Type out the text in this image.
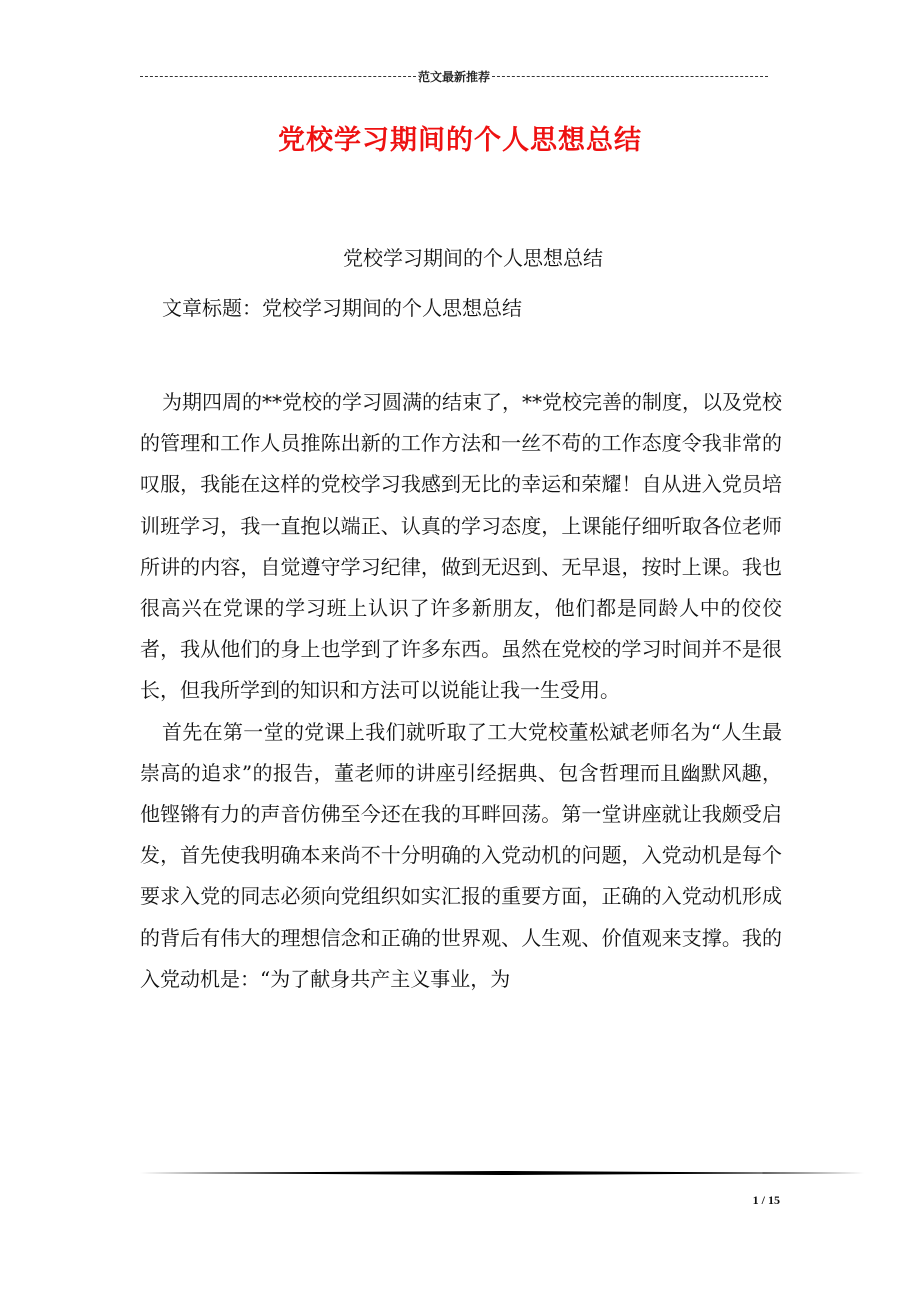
范文最新推荐
党校学习期间的个人思想总结
党校学习期间的个人思想总结
文章标题：党校学习期间的个人思想总结

为期四周的**党校的学习圆满的结束了，**党校完善的制度，以及党校的管理和工作人员推陈出新的工作方法和一丝不苟的工作态度令我非常的叹服，我能在这样的党校学习我感到无比的幸运和荣耀！自从进入党员培训班学习，我一直抱以端正、认真的学习态度，上课能仔细听取各位老师所讲的内容，自觉遵守学习纪律，做到无迟到、无早退，按时上课。我也很高兴在党课的学习班上认识了许多新朋友，他们都是同龄人中的佼佼者，我从他们的身上也学到了许多东西。虽然在党校的学习时间并不是很长，但我所学到的知识和方法可以说能让我一生受用。

首先在第一堂的党课上我们就听取了工大党校董松斌老师名为“人生最崇高的追求”的报告，董老师的讲座引经据典、包含哲理而且幽默风趣，他铿锵有力的声音仿佛至今还在我的耳畔回荡。第一堂讲座就让我颇受启发，首先使我明确本来尚不十分明确的入党动机的问题，入党动机是每个要求入党的同志必须向党组织如实汇报的重要方面，正确的入党动机形成的背后有伟大的理想信念和正确的世界观、人生观、价值观来支撑。我的入党动机是：“为了献身共产主义事业，为

1 / 15
